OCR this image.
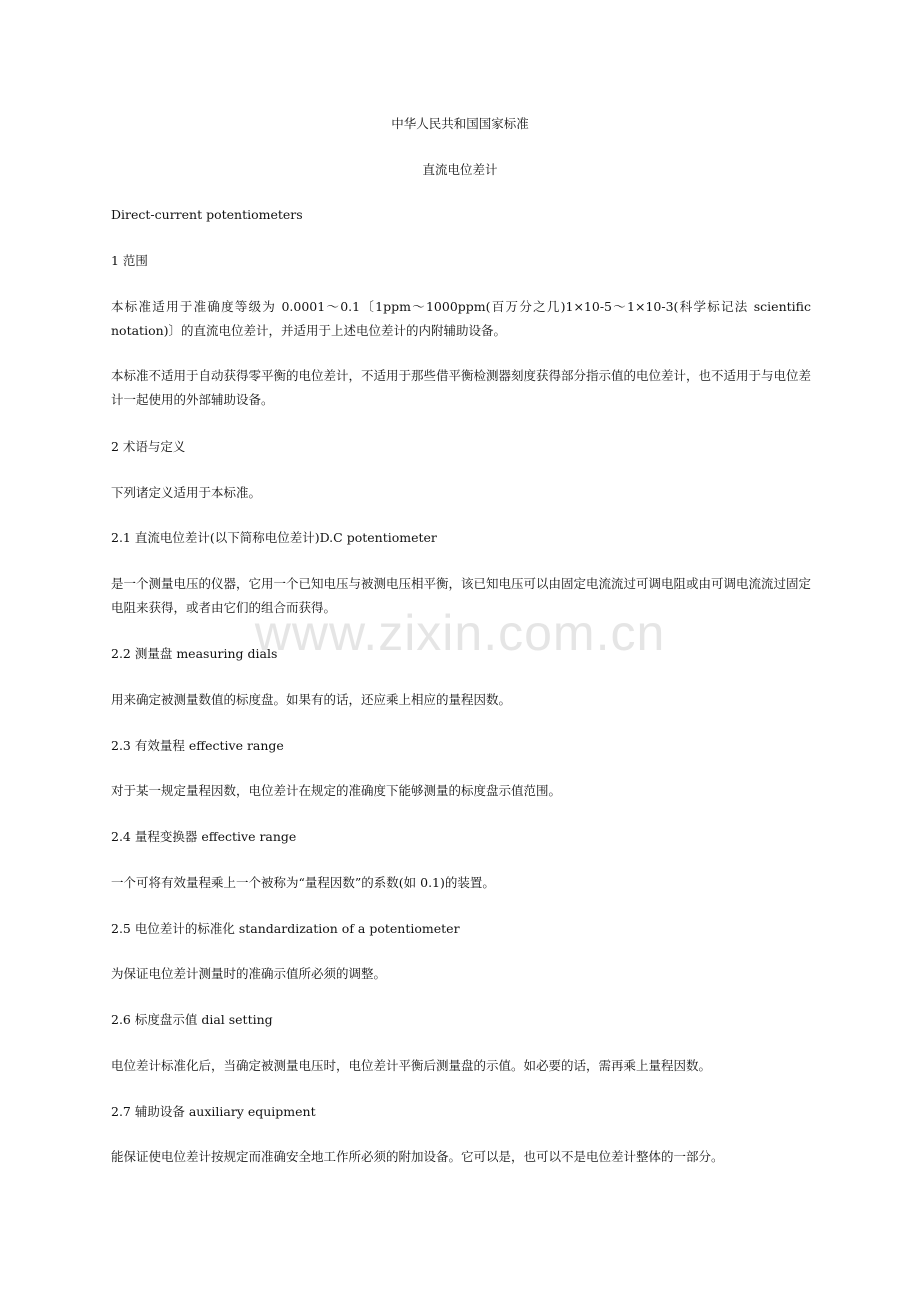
中华人民共和国国家标准

直流电位差计

Direct-current potentiometers

1 范围

本标准适用于准确度等级为 0.0001～0.1〔1ppm～1000ppm(百万分之几)1×10-5～1×10-3(科学标记法 scientific notation)〕的直流电位差计，并适用于上述电位差计的内附辅助设备。

本标准不适用于自动获得零平衡的电位差计，不适用于那些借平衡检测器刻度获得部分指示值的电位差计，也不适用于与电位差计一起使用的外部辅助设备。

2 术语与定义

下列诸定义适用于本标准。

2.1 直流电位差计(以下简称电位差计)D.C potentiometer

是一个测量电压的仪器，它用一个已知电压与被测电压相平衡，该已知电压可以由固定电流流过可调电阻或由可调电流流过固定电阻来获得，或者由它们的组合而获得。

2.2 测量盘 measuring dials

用来确定被测量数值的标度盘。如果有的话，还应乘上相应的量程因数。

2.3 有效量程 effective range

对于某一规定量程因数，电位差计在规定的准确度下能够测量的标度盘示值范围。

2.4 量程变换器 effective range

一个可将有效量程乘上一个被称为“量程因数”的系数(如 0.1)的装置。

2.5 电位差计的标准化 standardization of a potentiometer

为保证电位差计测量时的准确示值所必须的调整。

2.6 标度盘示值 dial setting

电位差计标准化后，当确定被测量电压时，电位差计平衡后测量盘的示值。如必要的话，需再乘上量程因数。

2.7 辅助设备 auxiliary equipment

能保证使电位差计按规定而准确安全地工作所必须的附加设备。它可以是，也可以不是电位差计整体的一部分。

www.zixin.com.cn
